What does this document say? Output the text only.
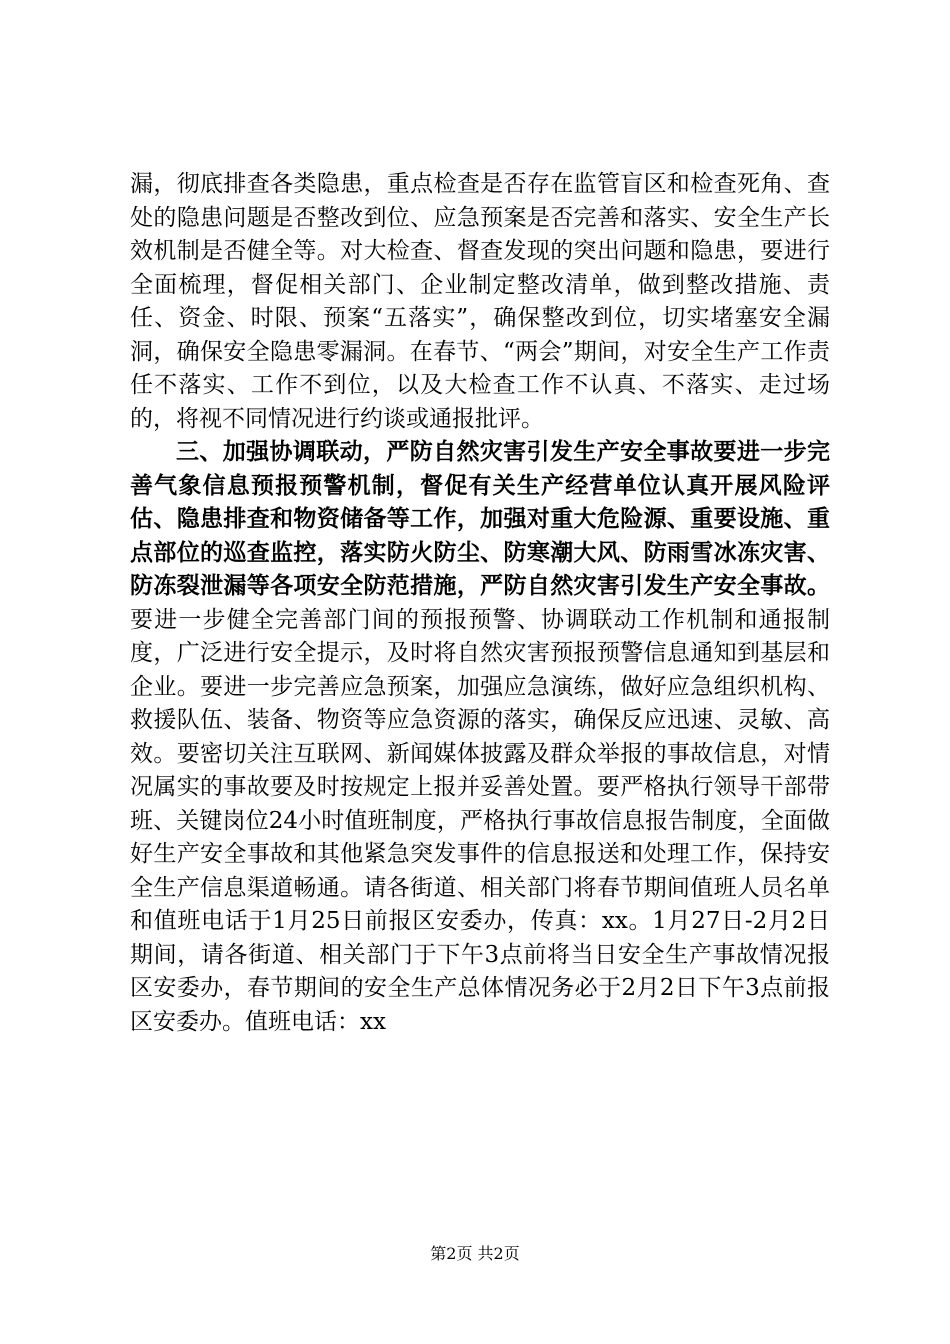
漏，彻底排查各类隐患，重点检查是否存在监管盲区和检查死角、查处的隐患问题是否整改到位、应急预案是否完善和落实、安全生产长效机制是否健全等。对大检查、督查发现的突出问题和隐患，要进行全面梳理，督促相关部门、企业制定整改清单，做到整改措施、责任、资金、时限、预案“五落实”，确保整改到位，切实堵塞安全漏洞，确保安全隐患零漏洞。在春节、“两会”期间，对安全生产工作责任不落实、工作不到位，以及大检查工作不认真、不落实、走过场的，将视不同情况进行约谈或通报批评。

三、加强协调联动，严防自然灾害引发生产安全事故要进一步完善气象信息预报预警机制，督促有关生产经营单位认真开展风险评估、隐患排查和物资储备等工作，加强对重大危险源、重要设施、重点部位的巡查监控，落实防火防尘、防寒潮大风、防雨雪冰冻灾害、防冻裂泄漏等各项安全防范措施，严防自然灾害引发生产安全事故。要进一步健全完善部门间的预报预警、协调联动工作机制和通报制度，广泛进行安全提示，及时将自然灾害预报预警信息通知到基层和企业。要进一步完善应急预案，加强应急演练，做好应急组织机构、救援队伍、装备、物资等应急资源的落实，确保反应迅速、灵敏、高效。要密切关注互联网、新闻媒体披露及群众举报的事故信息，对情况属实的事故要及时按规定上报并妥善处置。要严格执行领导干部带班、关键岗位24小时值班制度，严格执行事故信息报告制度，全面做好生产安全事故和其他紧急突发事件的信息报送和处理工作，保持安全生产信息渠道畅通。请各街道、相关部门将春节期间值班人员名单和值班电话于1月25日前报区安委办，传真：xx。1月27日-2月2日期间，请各街道、相关部门于下午3点前将当日安全生产事故情况报区安委办，春节期间的安全生产总体情况务必于2月2日下午3点前报区安委办。值班电话：xx

第2页 共2页
